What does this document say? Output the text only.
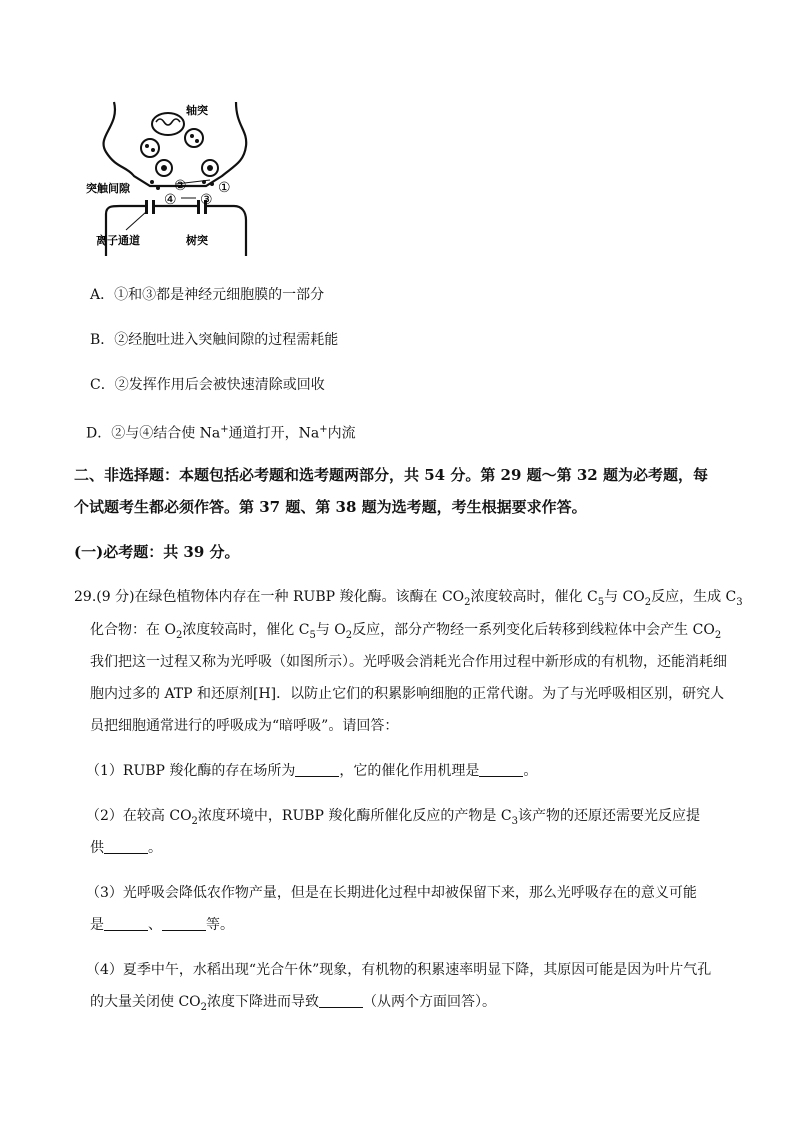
轴突
突触间隙
离子通道	树突
①
②
③
④
A．①和③都是神经元细胞膜的一部分
B．②经胞吐进入突触间隙的过程需耗能
C．②发挥作用后会被快速清除或回收
D．②与④结合使 Na+通道打开，Na+内流
二、非选择题：本题包括必考题和选考题两部分，共 54 分。第 29 题～第 32 题为必考题，每
个试题考生都必须作答。第 37 题、第 38 题为选考题，考生根据要求作答。
(一)必考题：共 39 分。
29.(9 分)在绿色植物体内存在一种 RUBP 羧化酶。该酶在 $CO_2$浓度较高时，催化 $C_5$与 $CO_2$反应，生成 $C_3$
化合物：在 $O_2$浓度较高时，催化 $C_5$与 $O_2$反应，部分产物经一系列变化后转移到线粒体中会产生 $CO_2$
我们把这一过程又称为光呼吸（如图所示）。光呼吸会消耗光合作用过程中新形成的有机物，还能消耗细
胞内过多的 ATP 和还原剂[H]．以防止它们的积累影响细胞的正常代谢。为了与光呼吸相区别，研究人
员把细胞通常进行的呼吸成为“暗呼吸”。请回答：
（1）RUBP 羧化酶的存在场所为	，它的催化作用机理是	。
（2）在较高 $CO_2$浓度环境中，RUBP 羧化酶所催化反应的产物是 $C_3$该产物的还原还需要光反应提
供	。
（3）光呼吸会降低农作物产量，但是在长期进化过程中却被保留下来，那么光呼吸存在的意义可能
是	、	等。
（4）夏季中午，水稻出现“光合午休”现象，有机物的积累速率明显下降，其原因可能是因为叶片气孔
的大量关闭使 $CO_2$浓度下降进而导致	（从两个方面回答）。
